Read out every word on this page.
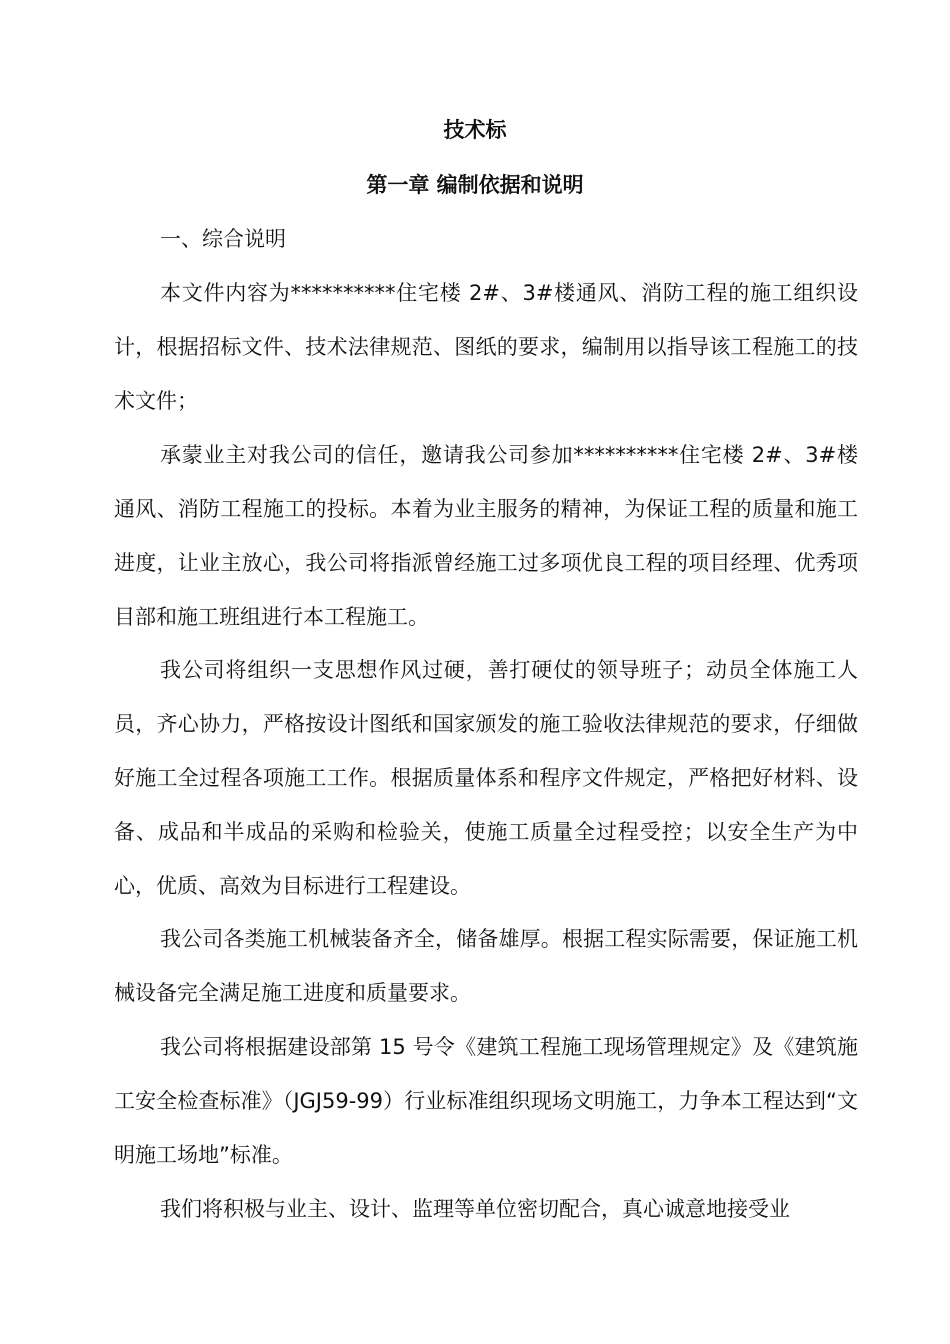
技术标
第一章 编制依据和说明
一、综合说明

本文件内容为**********住宅楼 2#、3#楼通风、消防工程的施工组织设计，根据招标文件、技术法律规范、图纸的要求，编制用以指导该工程施工的技术文件；

承蒙业主对我公司的信任，邀请我公司参加**********住宅楼 2#、3#楼通风、消防工程施工的投标。本着为业主服务的精神，为保证工程的质量和施工进度，让业主放心，我公司将指派曾经施工过多项优良工程的项目经理、优秀项目部和施工班组进行本工程施工。

我公司将组织一支思想作风过硬，善打硬仗的领导班子；动员全体施工人员，齐心协力，严格按设计图纸和国家颁发的施工验收法律规范的要求，仔细做好施工全过程各项施工工作。根据质量体系和程序文件规定，严格把好材料、设备、成品和半成品的采购和检验关，使施工质量全过程受控；以安全生产为中心，优质、高效为目标进行工程建设。

我公司各类施工机械装备齐全，储备雄厚。根据工程实际需要，保证施工机械设备完全满足施工进度和质量要求。

我公司将根据建设部第 15 号令《建筑工程施工现场管理规定》及《建筑施工安全检查标准》（JGJ59-99）行业标准组织现场文明施工，力争本工程达到“文明施工场地”标准。

我们将积极与业主、设计、监理等单位密切配合，真心诚意地接受业
